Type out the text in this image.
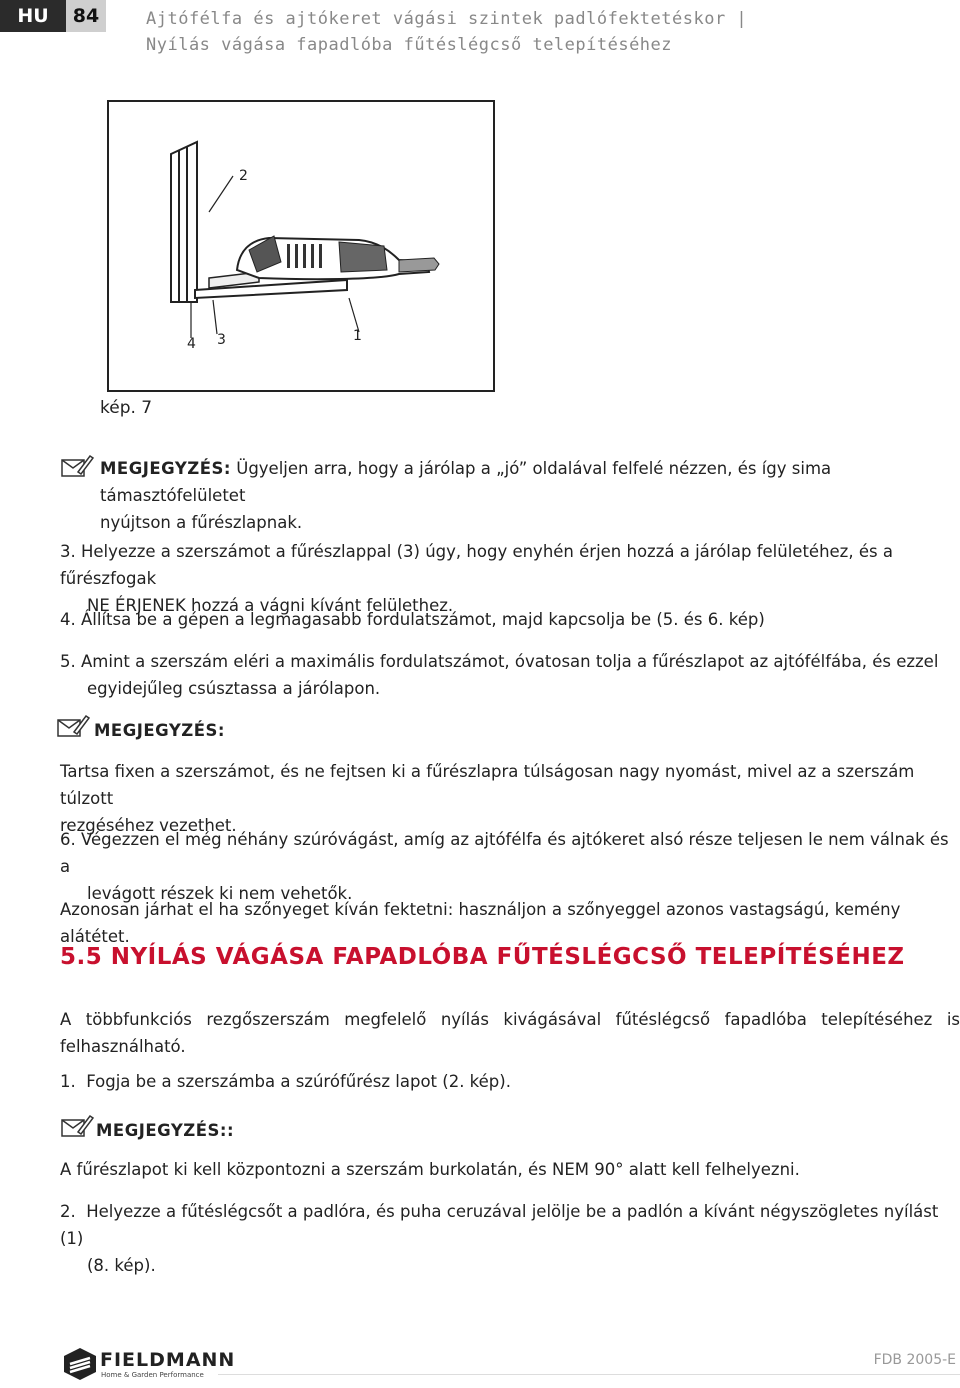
HU 84	Ajtófélfa és ajtókeret vágási szintek padlófektetéskor |
Nyílás vágása fapadlóba fűtéslégcső telepítéséhez
2
1
3
4
kép. 7
MEGJEGYZÉS: Ügyeljen arra, hogy a járólap a „jó” oldalával felfelé nézzen, és így sima támasztófelületet
nyújtson a fűrészlapnak.
3. Helyezze a szerszámot a fűrészlappal (3) úgy, hogy enyhén érjen hozzá a járólap felületéhez, és a fűrészfogak
NE ÉRJENEK hozzá a vágni kívánt felülethez.
4. Állítsa be a gépen a legmagasabb fordulatszámot, majd kapcsolja be (5. és 6. kép)
5. Amint a szerszám eléri a maximális fordulatszámot, óvatosan tolja a fűrészlapot az ajtófélfába, és ezzel
egyidejűleg csúsztassa a járólapon.
MEGJEGYZÉS:
Tartsa fixen a szerszámot, és ne fejtsen ki a fűrészlapra túlságosan nagy nyomást, mivel az a szerszám túlzott
rezgéséhez vezethet.
6. Végezzen el még néhány szúróvágást, amíg az ajtófélfa és ajtókeret alsó része teljesen le nem válnak és a
levágott részek ki nem vehetők.
Azonosan járhat el ha szőnyeget kíván fektetni: használjon a szőnyeggel azonos vastagságú, kemény alátétet.
5.5 NYÍLÁS VÁGÁSA FAPADLÓBA FŰTÉSLÉGCSŐ TELEPÍTÉSÉHEZ
A többfunkciós rezgőszerszám megfelelő nyílás kivágásával fűtéslégcső fapadlóba telepítéséhez is
felhasználható.
1. Fogja be a szerszámba a szúrófűrész lapot (2. kép).
MEGJEGYZÉS::
A fűrészlapot ki kell központozni a szerszám burkolatán, és NEM 90° alatt kell felhelyezni.
2. Helyezze a fűtéslégcsőt a padlóra, és puha ceruzával jelölje be a padlón a kívánt négyszögletes nyílást (1)
(8. kép).
FIELDMANN
Home & Garden Performance
FDB 2005-E
